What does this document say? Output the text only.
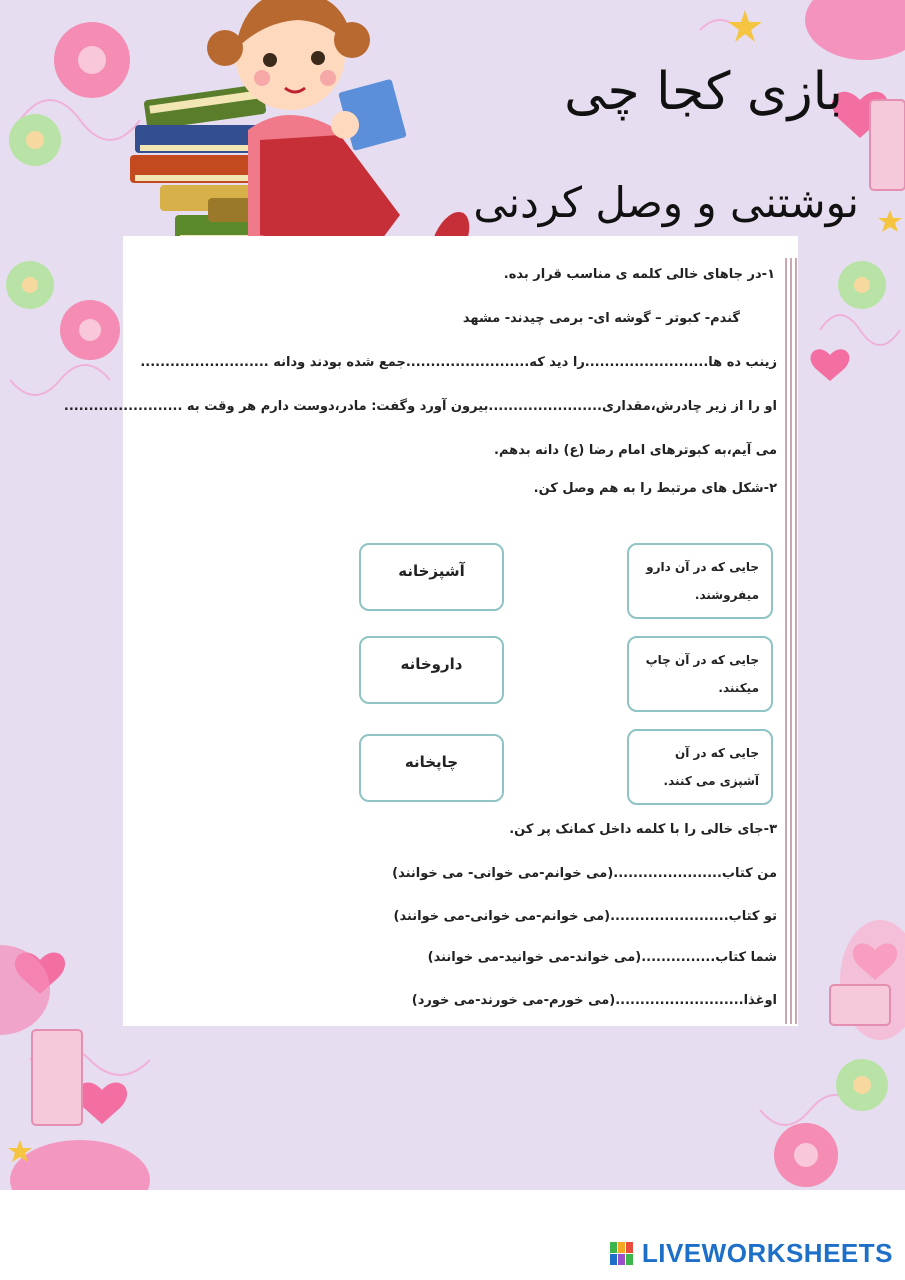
بازی کجا چی
نوشتنی و وصل کردنی
۱-در جاهای خالی کلمه ی مناسب قرار بده.
گندم- کبوتر – گوشه ای- برمی چیدند- مشهد
زینب ده ها.........................را دید که.........................جمع شده بودند ودانه ..........................
او را از زیر چادرش،مقداری.......................بیرون آورد وگفت: مادر،دوست دارم هر وقت به ........................
می آیم،به کبوترهای امام رضا (ع) دانه بدهم.
۲-شکل های مرتبط را به هم وصل کن.
آشپزخانه
داروخانه
چاپخانه
جایی که در آن دارو میفروشند.
جایی که در آن چاپ میکنند.
جایی که در آن آشپزی می کنند.
۳-جای خالی را با کلمه داخل کمانک پر کن.
من کتاب......................(می خوانم-می خوانی- می خوانند)
تو کتاب........................(می خوانم-می خوانی-می خوانند)
شما کتاب...............(می خواند-می خوانید-می خوانند)
اوغذا..........................(می خورم-می خورند-می خورد)
LIVEWORKSHEETS
